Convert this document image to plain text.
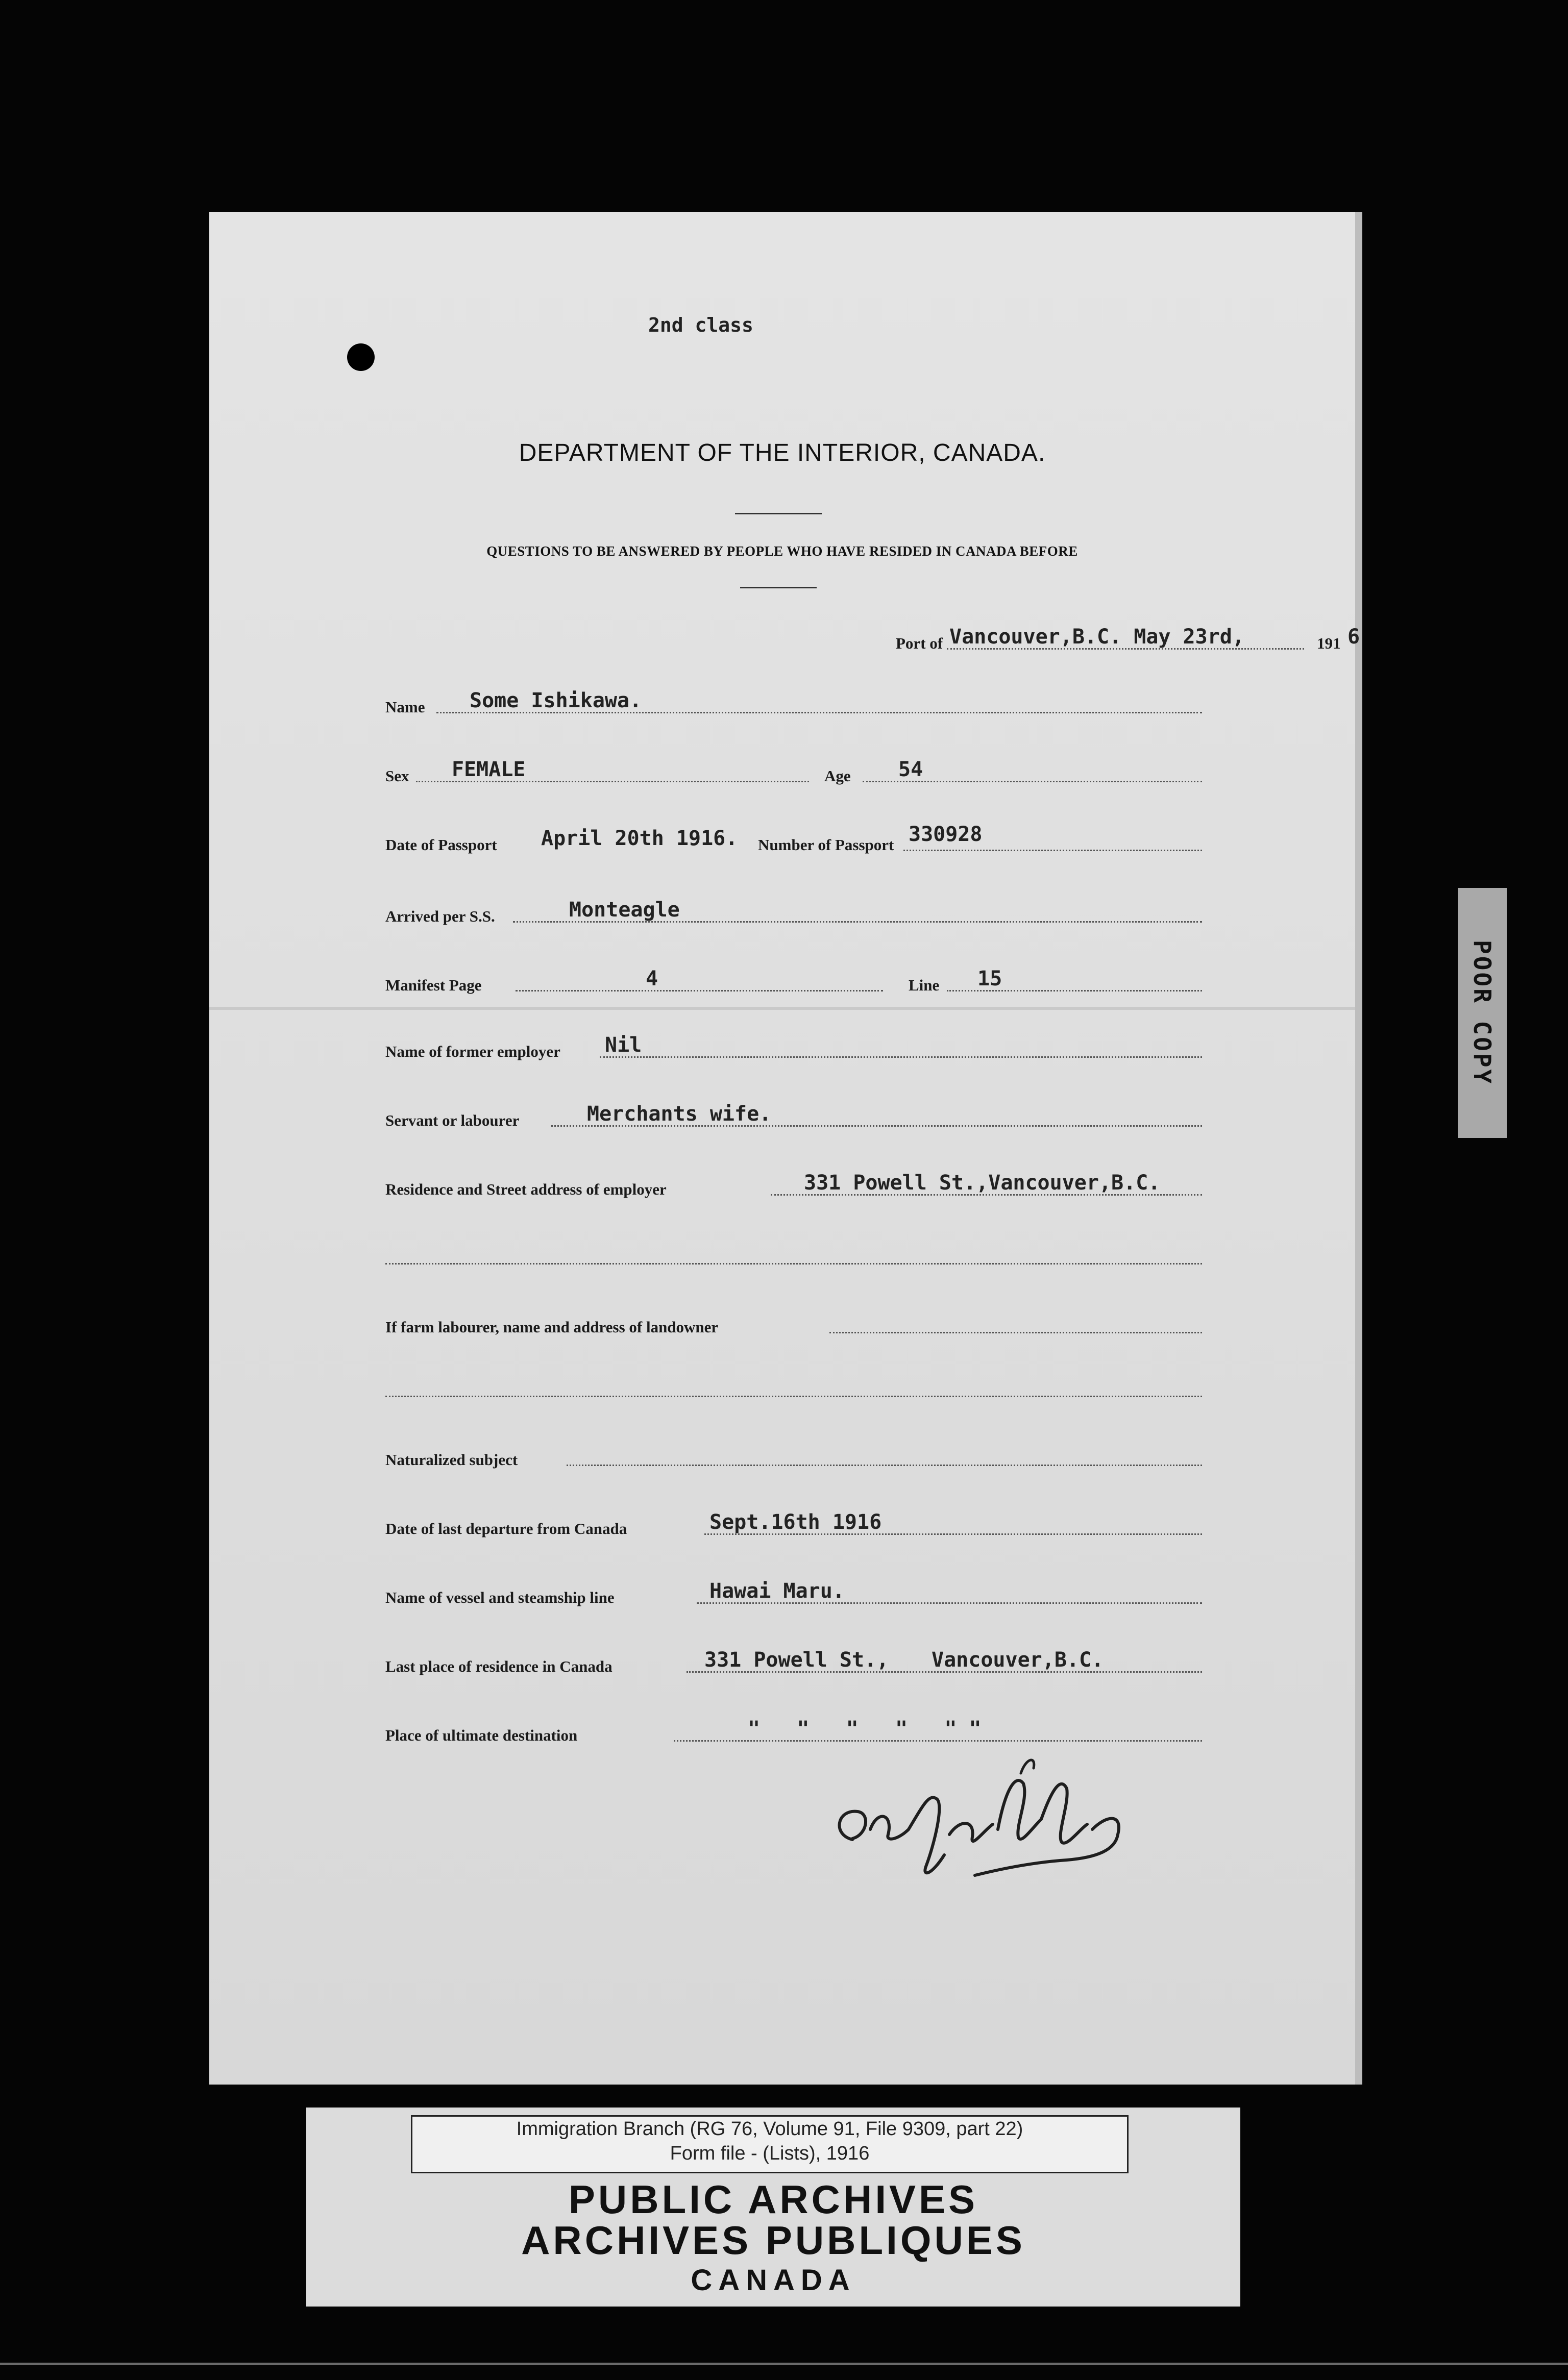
2nd class
DEPARTMENT OF THE INTERIOR, CANADA.
QUESTIONS TO BE ANSWERED BY PEOPLE WHO HAVE RESIDED IN CANADA BEFORE
Port of Vancouver,B.C. May 23rd,	191 6
Name Some Ishikawa.
Sex FEMALE	Age 54
Date of Passport April 20th 1916. Number of Passport 330928
Arrived per S.S.	Monteagle
Manifest Page	4	Line 15
Name of former employer Nil
Servant or labourer	Merchants wife.
Residence and Street address of employer	331 Powell St.,Vancouver,B.C.
If farm labourer, name and address of landowner
Naturalized subject
Date of last departure from Canada	Sept.16th 1916
Name of vessel and steamship line	Hawai Maru.
Last place of residence in Canada	331 Powell St., Vancouver,B.C.
Place of ultimate destination	"   "   "   "   " "
POOR COPY
Immigration Branch (RG 76, Volume 91, File 9309, part 22)
Form file - (Lists), 1916
PUBLIC ARCHIVES
ARCHIVES PUBLIQUES
CANADA
